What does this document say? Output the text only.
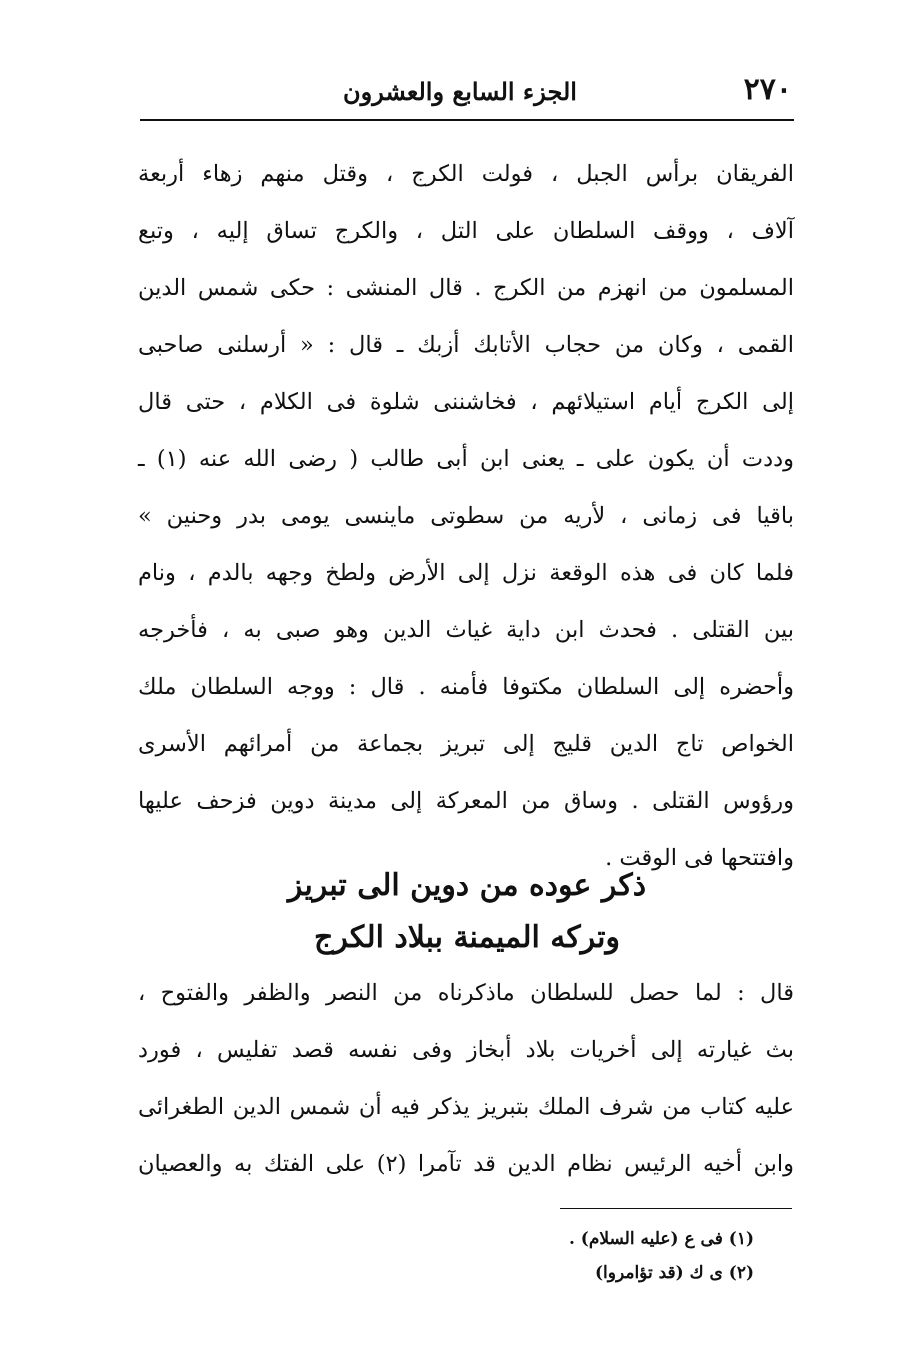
٢٧٠
الجزء السابع والعشرون
الفريقان برأس الجبل ، فولت الكرج ، وقتل منهم زهاء أربعة
آلاف ، ووقف السلطان على التل ، والكرج تساق إليه ، وتبع
المسلمون من انهزم من الكرج . قال المنشى : حكى شمس الدين
القمى ، وكان من حجاب الأتابك أزبك ـ قال : « أرسلنى صاحبى
إلى الكرج أيام استيلائهم ، فخاشننى شلوة فى الكلام ، حتى قال
وددت أن يكون على ـ يعنى ابن أبى طالب ( رضى الله عنه (١) ـ
باقيا فى زمانى ، لأريه من سطوتى ماينسى يومى بدر وحنين »
فلما كان فى هذه الوقعة نزل إلى الأرض ولطخ وجهه بالدم ، ونام
بين القتلى . فحدث ابن داية غياث الدين وهو صبى به ، فأخرجه
وأحضره إلى السلطان مكتوفا فأمنه . قال : ووجه السلطان ملك
الخواص تاج الدين قليج إلى تبريز بجماعة من أمرائهم الأسرى
ورؤوس القتلى . وساق من المعركة إلى مدينة دوين فزحف عليها
وافتتحها فى الوقت .
ذكر عوده من دوين الى تبريز
وتركه الميمنة ببلاد الكرج
قال : لما حصل للسلطان ماذكرناه من النصر والظفر والفتوح ،
بث غيارته إلى أخريات بلاد أبخاز وفى نفسه قصد تفليس ، فورد
عليه كتاب من شرف الملك بتبريز يذكر فيه أن شمس الدين الطغرائى
وابن أخيه الرئيس نظام الدين قد تآمرا (٢) على الفتك به والعصيان
(١) فى ع (عليه السلام) .
(٢) ى ك (قد تؤامروا)
